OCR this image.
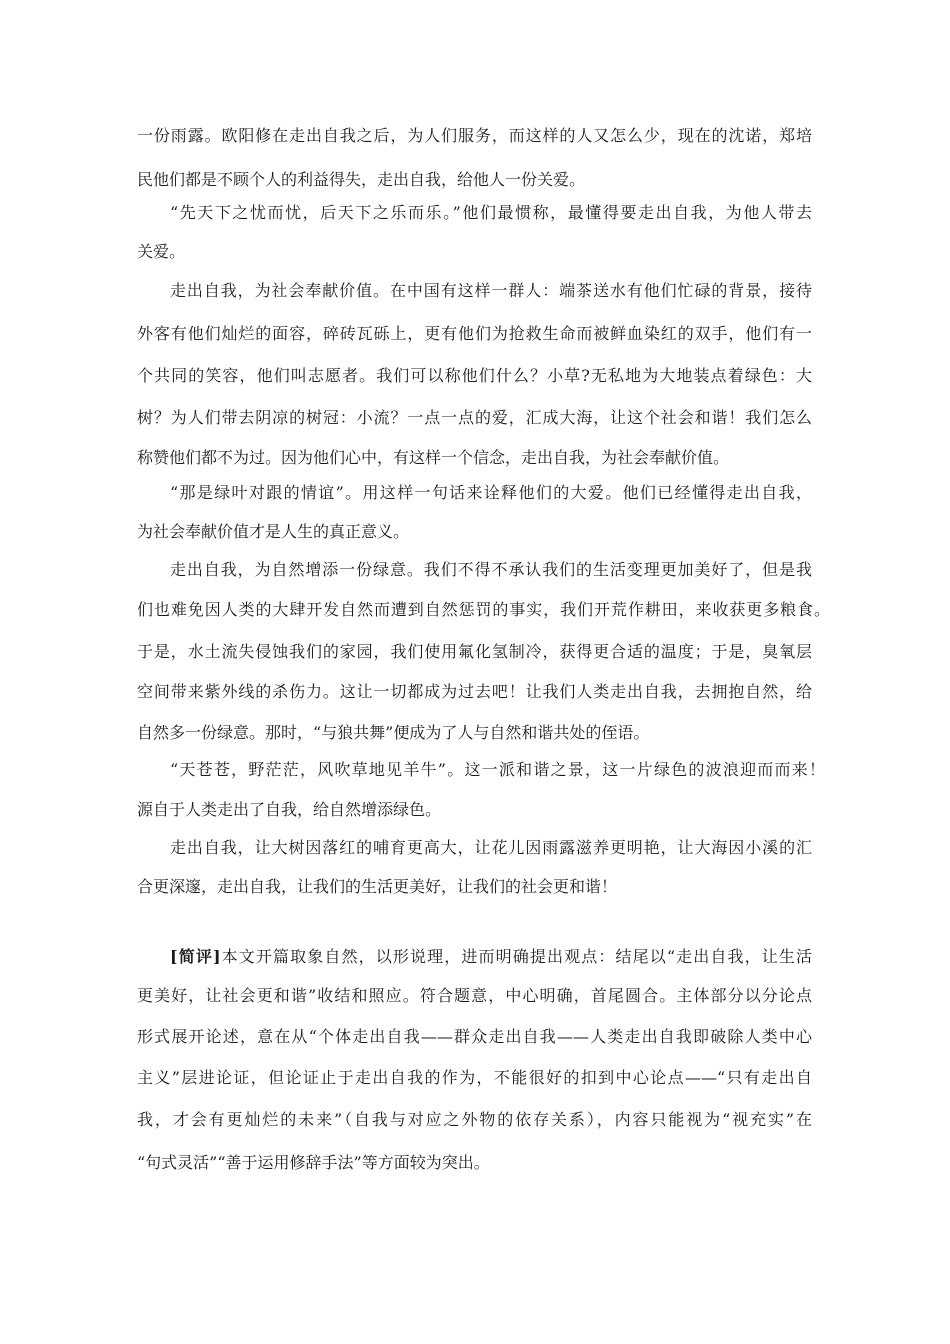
一份雨露。欧阳修在走出自我之后，为人们服务，而这样的人又怎么少，现在的沈诺，郑培
民他们都是不顾个人的利益得失，走出自我，给他人一份关爱。
“先天下之忧而忧，后天下之乐而乐。”他们最惯称，最懂得要走出自我，为他人带去
关爱。
走出自我，为社会奉献价值。在中国有这样一群人：端茶送水有他们忙碌的背景，接待
外客有他们灿烂的面容，碎砖瓦砾上，更有他们为抢救生命而被鲜血染红的双手，他们有一
个共同的笑容，他们叫志愿者。我们可以称他们什么？小草?无私地为大地装点着绿色：大
树？为人们带去阴凉的树冠：小流？一点一点的爱，汇成大海，让这个社会和谐！我们怎么
称赞他们都不为过。因为他们心中，有这样一个信念，走出自我，为社会奉献价值。
“那是绿叶对跟的情谊”。用这样一句话来诠释他们的大爱。他们已经懂得走出自我，
为社会奉献价值才是人生的真正意义。
走出自我，为自然增添一份绿意。我们不得不承认我们的生活变理更加美好了，但是我
们也难免因人类的大肆开发自然而遭到自然惩罚的事实，我们开荒作耕田，来收获更多粮食。
于是，水土流失侵蚀我们的家园，我们使用氟化氢制冷，获得更合适的温度；于是，臭氧层
空间带来紫外线的杀伤力。这让一切都成为过去吧！让我们人类走出自我，去拥抱自然，给
自然多一份绿意。那时，“与狼共舞”便成为了人与自然和谐共处的侄语。
“天苍苍，野茫茫，风吹草地见羊牛”。这一派和谐之景，这一片绿色的波浪迎而而来！
源自于人类走出了自我，给自然增添绿色。
走出自我，让大树因落红的哺育更高大，让花儿因雨露滋养更明艳，让大海因小溪的汇
合更深邃，走出自我，让我们的生活更美好，让我们的社会更和谐！
[简评]本文开篇取象自然，以形说理，进而明确提出观点：结尾以“走出自我，让生活
更美好，让社会更和谐”收结和照应。符合题意，中心明确，首尾圆合。主体部分以分论点
形式展开论述，意在从“个体走出自我——群众走出自我——人类走出自我即破除人类中心
主义”层进论证，但论证止于走出自我的作为，不能很好的扣到中心论点——“只有走出自
我，才会有更灿烂的未来”（自我与对应之外物的依存关系），内容只能视为“视充实”在
“句式灵活”“善于运用修辞手法”等方面较为突出。
